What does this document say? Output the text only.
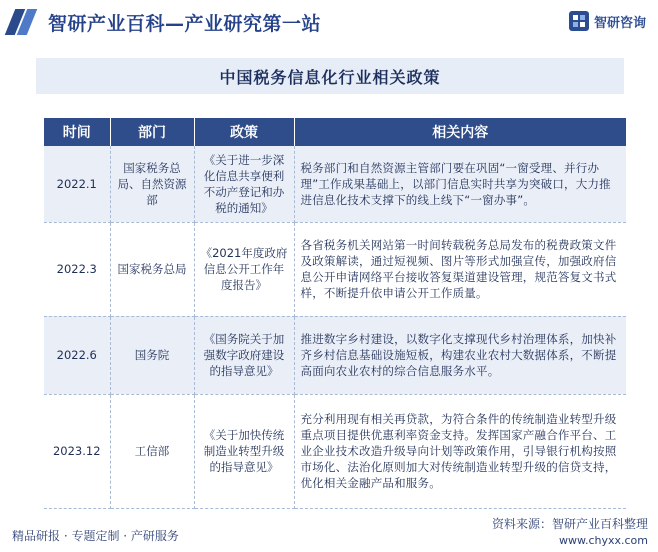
智研产业百科—产业研究第一站	智研咨询
中国税务信息化行业相关政策
时间	部门	政策	相关内容
2022.1	国家税务总局、自然资源部	《关于进一步深化信息共享便利不动产登记和办税的通知》	税务部门和自然资源主管部门要在巩固“一窗受理、并行办理”工作成果基础上，以部门信息实时共享为突破口，大力推进信息化技术支撑下的线上线下“一窗办事”。
2022.3	国家税务总局	《2021年度政府信息公开工作年度报告》	各省税务机关网站第一时间转载税务总局发布的税费政策文件及政策解读，通过短视频、图片等形式加强宣传，加强政府信息公开申请网络平台接收答复渠道建设管理，规范答复文书式样，不断提升依申请公开工作质量。
2022.6	国务院	《国务院关于加强数字政府建设的指导意见》	推进数字乡村建设，以数字化支撑现代乡村治理体系，加快补齐乡村信息基础设施短板，构建农业农村大数据体系，不断提高面向农业农村的综合信息服务水平。
2023.12	工信部	《关于加快传统制造业转型升级的指导意见》	充分利用现有相关再贷款，为符合条件的传统制造业转型升级重点项目提供优惠利率资金支持。发挥国家产融合作平台、工业企业技术改造升级导向计划等政策作用，引导银行机构按照市场化、法治化原则加大对传统制造业转型升级的信贷支持，优化相关金融产品和服务。
精品研报 · 专题定制 · 产研服务
资料来源：智研产业百科整理
www.chyxx.com
